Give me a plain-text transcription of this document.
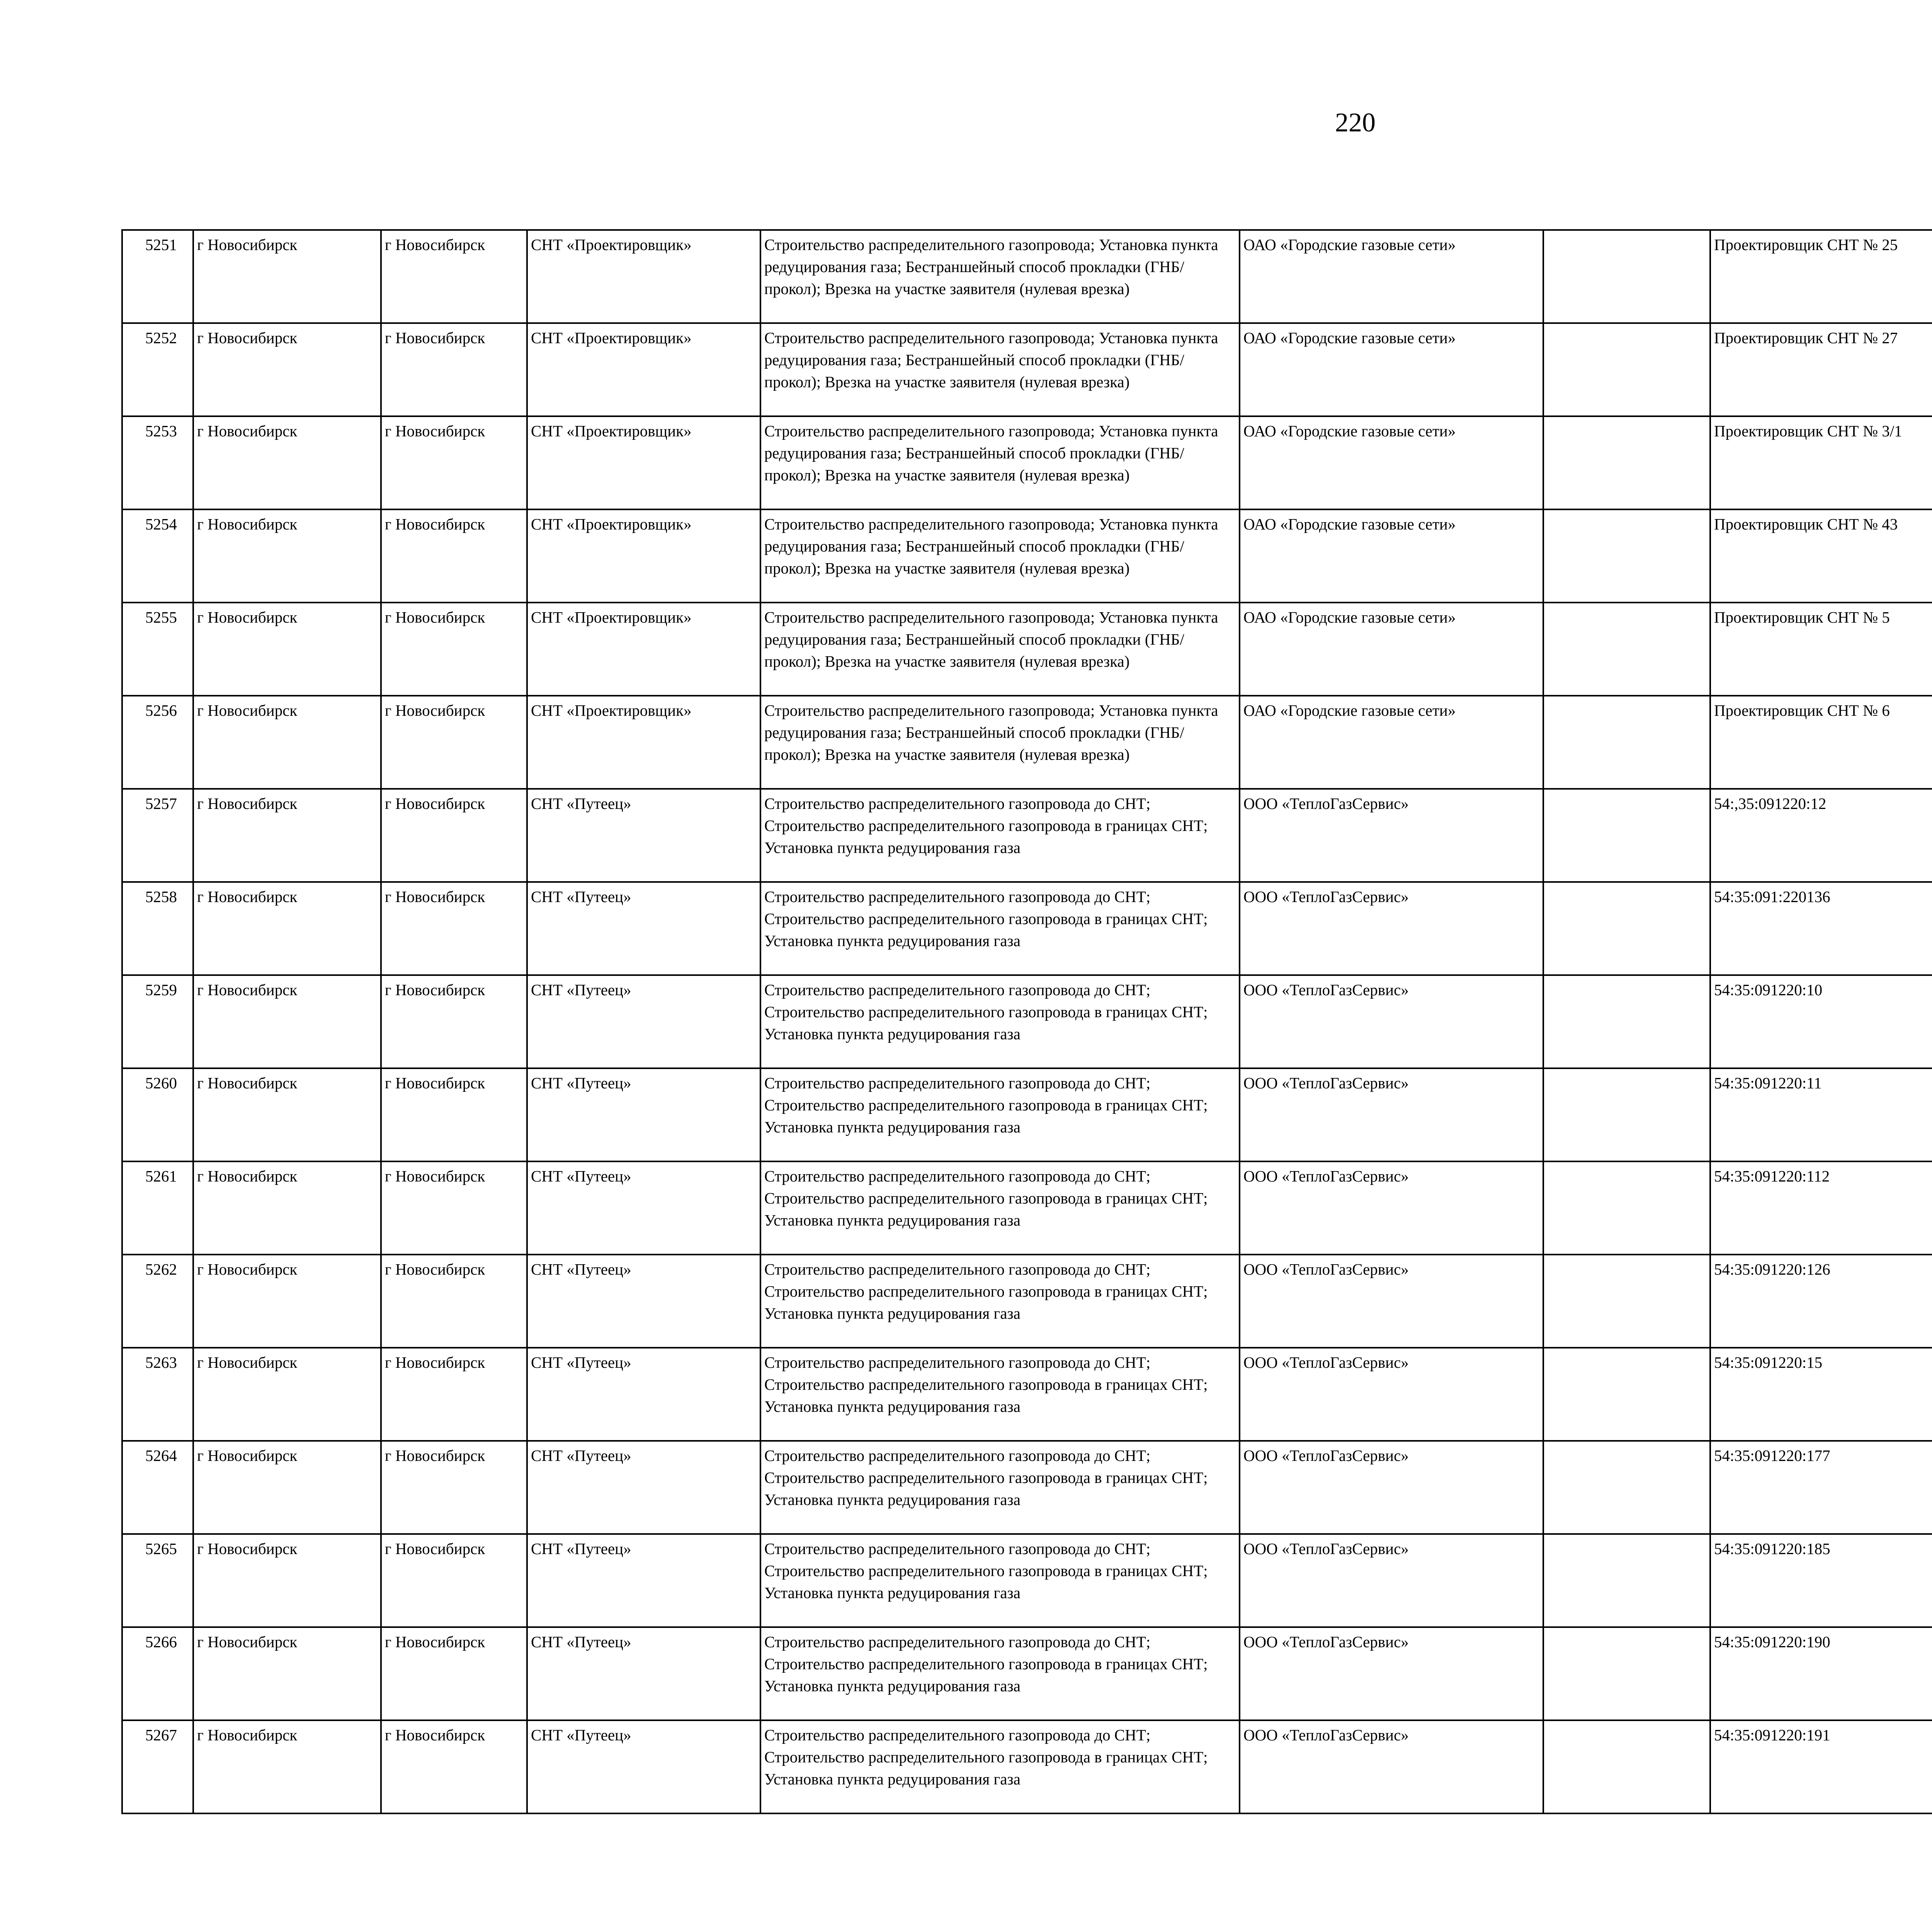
220
5251	г Новосибирск	г Новосибирск	СНТ «Проектировщик»	Строительство распределительного газопровода; Установка пункта редуцирования газа; Бестраншейный способ прокладки (ГНБ/прокол); Врезка на участке заявителя (нулевая врезка)	ОАО «Городские газовые сети»		Проектировщик СНТ № 25					
5252	г Новосибирск	г Новосибирск	СНТ «Проектировщик»	Строительство распределительного газопровода; Установка пункта редуцирования газа; Бестраншейный способ прокладки (ГНБ/прокол); Врезка на участке заявителя (нулевая врезка)	ОАО «Городские газовые сети»		Проектировщик СНТ № 27					
5253	г Новосибирск	г Новосибирск	СНТ «Проектировщик»	Строительство распределительного газопровода; Установка пункта редуцирования газа; Бестраншейный способ прокладки (ГНБ/прокол); Врезка на участке заявителя (нулевая врезка)	ОАО «Городские газовые сети»		Проектировщик СНТ № 3/1					
5254	г Новосибирск	г Новосибирск	СНТ «Проектировщик»	Строительство распределительного газопровода; Установка пункта редуцирования газа; Бестраншейный способ прокладки (ГНБ/прокол); Врезка на участке заявителя (нулевая врезка)	ОАО «Городские газовые сети»		Проектировщик СНТ № 43					
5255	г Новосибирск	г Новосибирск	СНТ «Проектировщик»	Строительство распределительного газопровода; Установка пункта редуцирования газа; Бестраншейный способ прокладки (ГНБ/прокол); Врезка на участке заявителя (нулевая врезка)	ОАО «Городские газовые сети»		Проектировщик СНТ № 5					
5256	г Новосибирск	г Новосибирск	СНТ «Проектировщик»	Строительство распределительного газопровода; Установка пункта редуцирования газа; Бестраншейный способ прокладки (ГНБ/прокол); Врезка на участке заявителя (нулевая врезка)	ОАО «Городские газовые сети»		Проектировщик СНТ № 6					
5257	г Новосибирск	г Новосибирск	СНТ «Путеец»	Строительство распределительного газопровода до СНТ; Строительство распределительного газопровода в границах СНТ; Установка пункта редуцирования газа	ООО «ТеплоГазСервис»		54:,35:091220:12					
5258	г Новосибирск	г Новосибирск	СНТ «Путеец»	Строительство распределительного газопровода до СНТ; Строительство распределительного газопровода в границах СНТ; Установка пункта редуцирования газа	ООО «ТеплоГазСервис»		54:35:091:220136					
5259	г Новосибирск	г Новосибирск	СНТ «Путеец»	Строительство распределительного газопровода до СНТ; Строительство распределительного газопровода в границах СНТ; Установка пункта редуцирования газа	ООО «ТеплоГазСервис»		54:35:091220:10					
5260	г Новосибирск	г Новосибирск	СНТ «Путеец»	Строительство распределительного газопровода до СНТ; Строительство распределительного газопровода в границах СНТ; Установка пункта редуцирования газа	ООО «ТеплоГазСервис»		54:35:091220:11					
5261	г Новосибирск	г Новосибирск	СНТ «Путеец»	Строительство распределительного газопровода до СНТ; Строительство распределительного газопровода в границах СНТ; Установка пункта редуцирования газа	ООО «ТеплоГазСервис»		54:35:091220:112					
5262	г Новосибирск	г Новосибирск	СНТ «Путеец»	Строительство распределительного газопровода до СНТ; Строительство распределительного газопровода в границах СНТ; Установка пункта редуцирования газа	ООО «ТеплоГазСервис»		54:35:091220:126					
5263	г Новосибирск	г Новосибирск	СНТ «Путеец»	Строительство распределительного газопровода до СНТ; Строительство распределительного газопровода в границах СНТ; Установка пункта редуцирования газа	ООО «ТеплоГазСервис»		54:35:091220:15					
5264	г Новосибирск	г Новосибирск	СНТ «Путеец»	Строительство распределительного газопровода до СНТ; Строительство распределительного газопровода в границах СНТ; Установка пункта редуцирования газа	ООО «ТеплоГазСервис»		54:35:091220:177					
5265	г Новосибирск	г Новосибирск	СНТ «Путеец»	Строительство распределительного газопровода до СНТ; Строительство распределительного газопровода в границах СНТ; Установка пункта редуцирования газа	ООО «ТеплоГазСервис»		54:35:091220:185					
5266	г Новосибирск	г Новосибирск	СНТ «Путеец»	Строительство распределительного газопровода до СНТ; Строительство распределительного газопровода в границах СНТ; Установка пункта редуцирования газа	ООО «ТеплоГазСервис»		54:35:091220:190					
5267	г Новосибирск	г Новосибирск	СНТ «Путеец»	Строительство распределительного газопровода до СНТ; Строительство распределительного газопровода в границах СНТ; Установка пункта редуцирования газа	ООО «ТеплоГазСервис»		54:35:091220:191					
